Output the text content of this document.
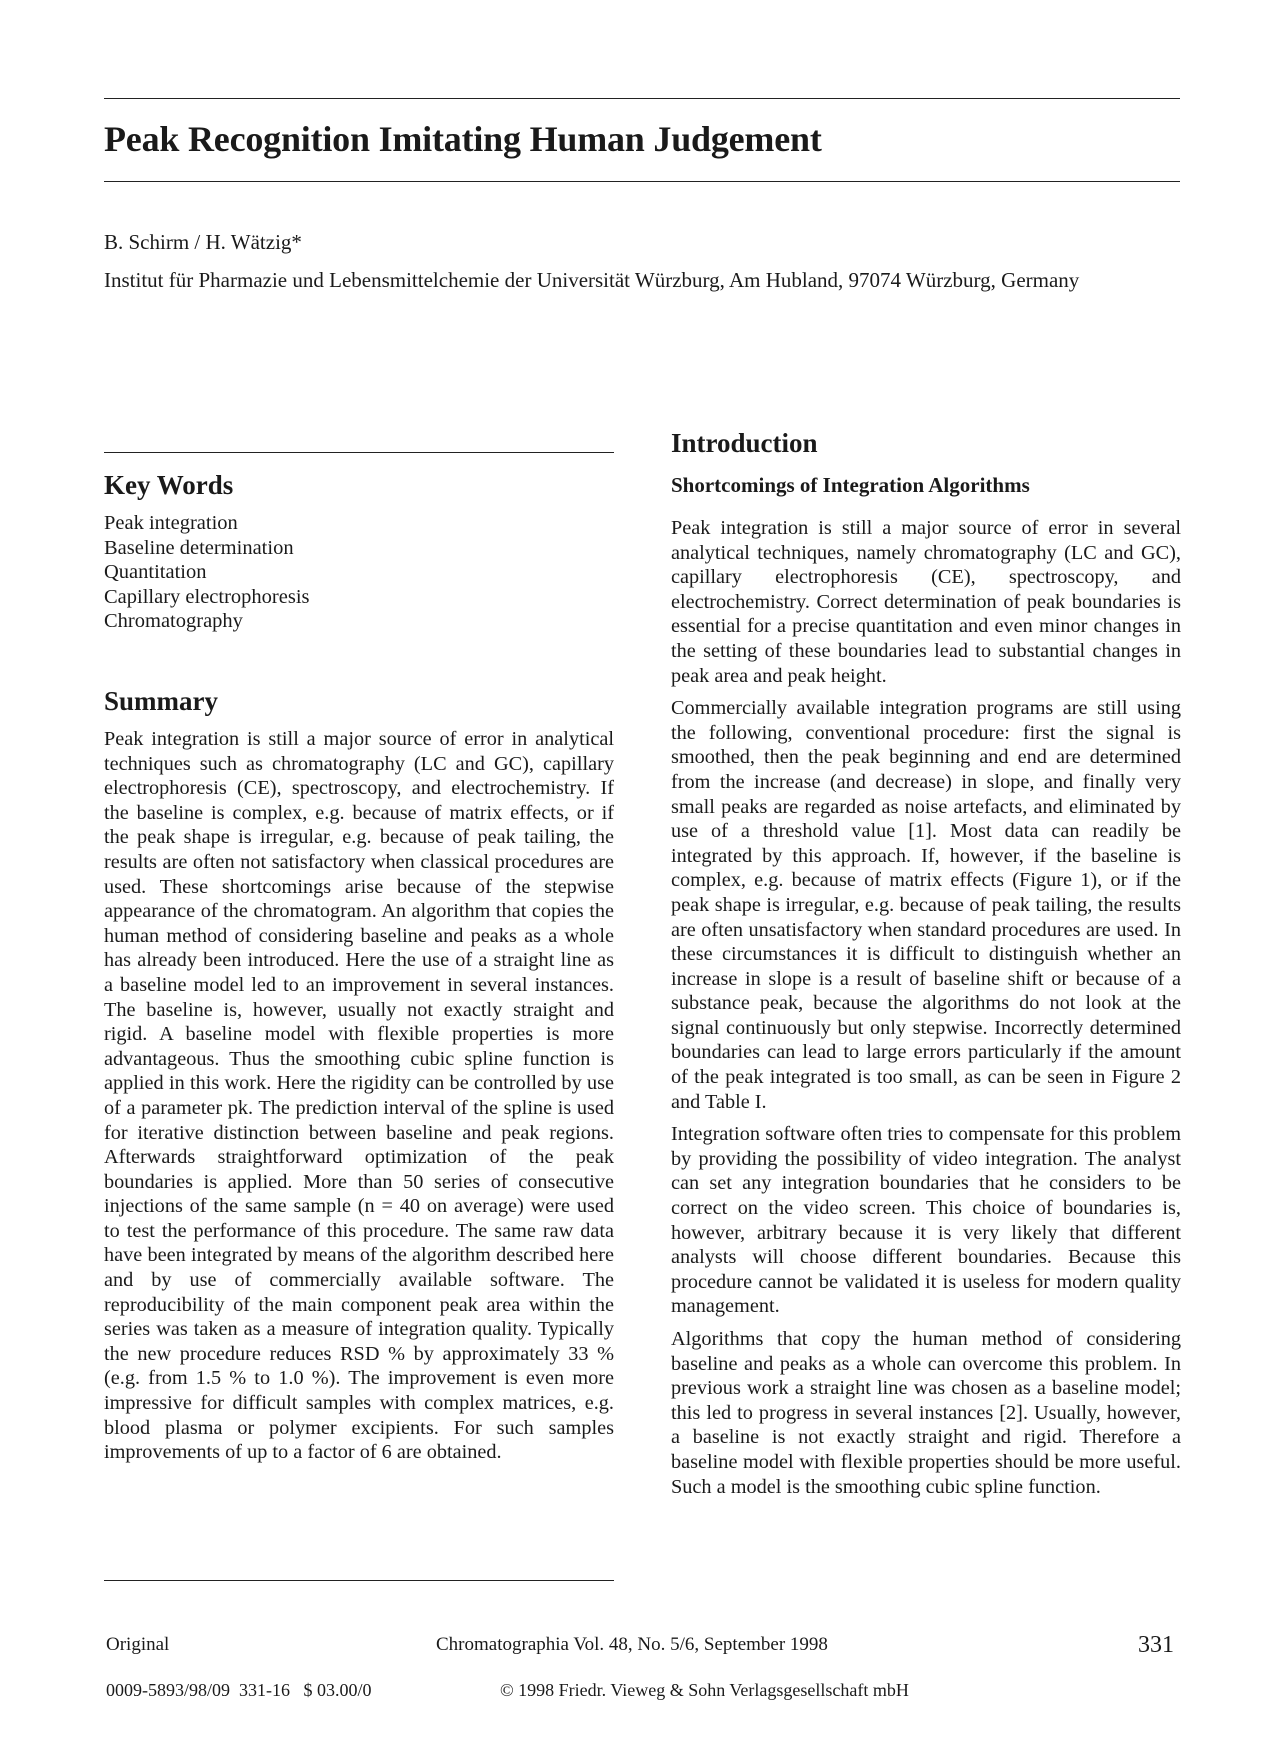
Peak Recognition Imitating Human Judgement
B. Schirm / H. Wätzig*
Institut für Pharmazie und Lebensmittelchemie der Universität Würzburg, Am Hubland, 97074 Würzburg, Germany
Key Words
Peak integration
Baseline determination
Quantitation
Capillary electrophoresis
Chromatography
Summary

Peak integration is still a major source of error in analytical techniques such as chromatography (LC and GC), capillary electrophoresis (CE), spectroscopy, and electrochemistry. If the baseline is complex, e.g. because of matrix effects, or if the peak shape is irregular, e.g. because of peak tailing, the results are often not satisfactory when classical procedures are used. These shortcomings arise because of the stepwise appearance of the chromatogram. An algorithm that copies the human method of considering baseline and peaks as a whole has already been introduced. Here the use of a straight line as a baseline model led to an improvement in several instances. The baseline is, however, usually not exactly straight and rigid. A baseline model with flexible properties is more advantageous. Thus the smoothing cubic spline function is applied in this work. Here the rigidity can be controlled by use of a parameter pk. The prediction interval of the spline is used for iterative distinction between baseline and peak regions. Afterwards straightforward optimization of the peak boundaries is applied. More than 50 series of consecutive injections of the same sample (n = 40 on average) were used to test the performance of this procedure. The same raw data have been integrated by means of the algorithm described here and by use of commercially available software. The reproducibility of the main component peak area within the series was taken as a measure of integration quality. Typically the new procedure reduces RSD % by approximately 33 % (e.g. from 1.5 % to 1.0 %). The improvement is even more impressive for difficult samples with complex matrices, e.g. blood plasma or polymer excipients. For such samples improvements of up to a factor of 6 are obtained.

Introduction
Shortcomings of Integration Algorithms

Peak integration is still a major source of error in several analytical techniques, namely chromatography (LC and GC), capillary electrophoresis (CE), spectroscopy, and electrochemistry. Correct determination of peak boundaries is essential for a precise quantitation and even minor changes in the setting of these boundaries lead to substantial changes in peak area and peak height.

Commercially available integration programs are still using the following, conventional procedure: first the signal is smoothed, then the peak beginning and end are determined from the increase (and decrease) in slope, and finally very small peaks are regarded as noise artefacts, and eliminated by use of a threshold value [1]. Most data can readily be integrated by this approach. If, however, if the baseline is complex, e.g. because of matrix effects (Figure 1), or if the peak shape is irregular, e.g. because of peak tailing, the results are often unsatisfactory when standard procedures are used. In these circumstances it is difficult to distinguish whether an increase in slope is a result of baseline shift or because of a substance peak, because the algorithms do not look at the signal continuously but only stepwise. Incorrectly determined boundaries can lead to large errors particularly if the amount of the peak integrated is too small, as can be seen in Figure 2 and Table I.

Integration software often tries to compensate for this problem by providing the possibility of video integration. The analyst can set any integration boundaries that he considers to be correct on the video screen. This choice of boundaries is, however, arbitrary because it is very likely that different analysts will choose different boundaries. Because this procedure cannot be validated it is useless for modern quality management.

Algorithms that copy the human method of considering baseline and peaks as a whole can overcome this problem. In previous work a straight line was chosen as a baseline model; this led to progress in several instances [2]. Usually, however, a baseline is not exactly straight and rigid. Therefore a baseline model with flexible properties should be more useful. Such a model is the smoothing cubic spline function.

Original	Chromatographia Vol. 48, No. 5/6, September 1998	331
0009-5893/98/09  331-16   $ 03.00/0	© 1998 Friedr. Vieweg & Sohn Verlagsgesellschaft mbH
